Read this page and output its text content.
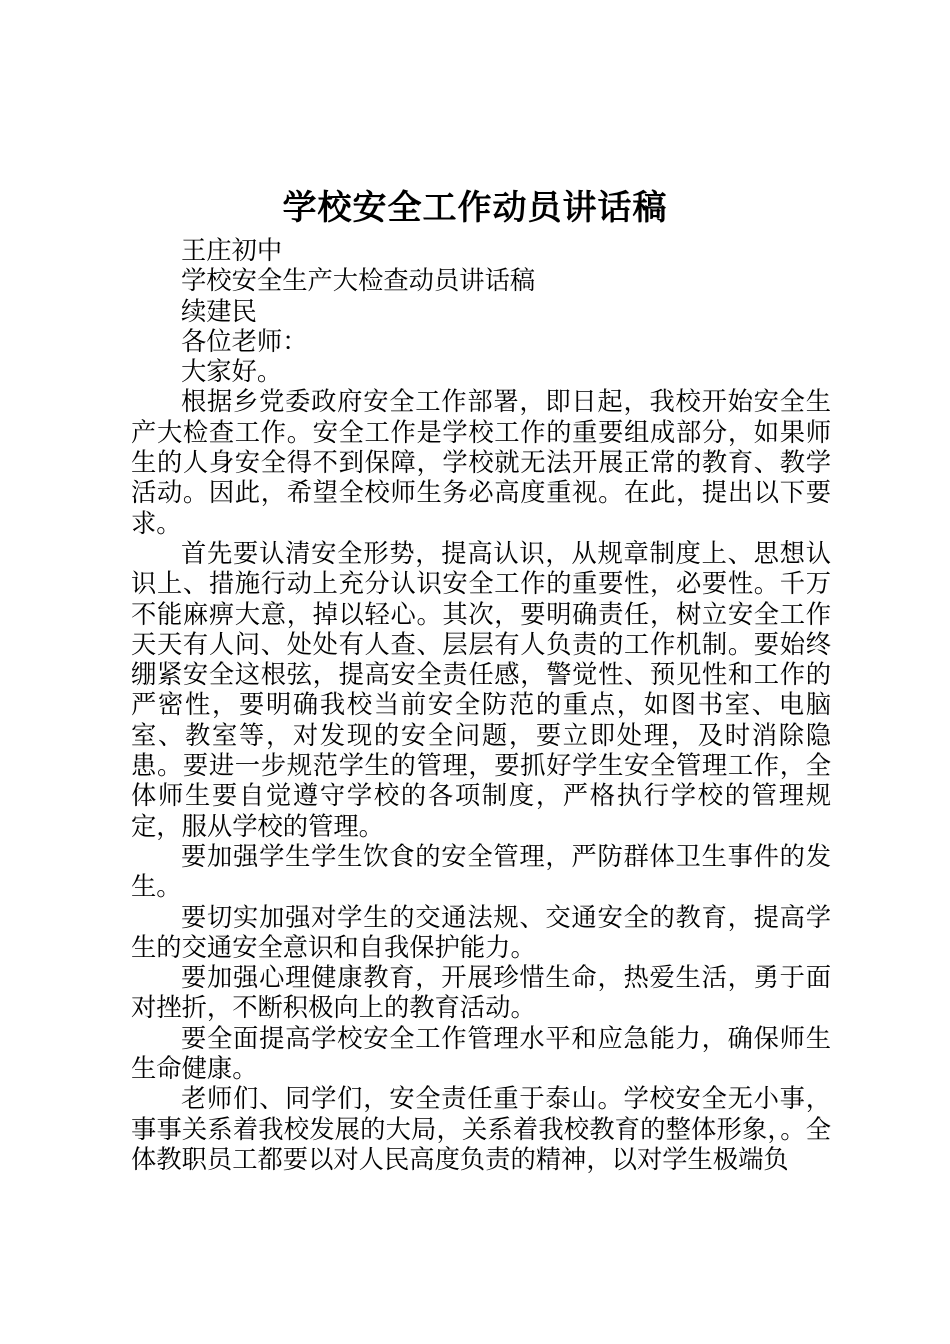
学校安全工作动员讲话稿

王庄初中

学校安全生产大检查动员讲话稿

续建民

各位老师：

大家好。

根据乡党委政府安全工作部署，即日起，我校开始安全生产大检查工作。安全工作是学校工作的重要组成部分，如果师生的人身安全得不到保障，学校就无法开展正常的教育、教学活动。因此，希望全校师生务必高度重视。在此，提出以下要求。

首先要认清安全形势，提高认识，从规章制度上、思想认识上、措施行动上充分认识安全工作的重要性，必要性。千万不能麻痹大意，掉以轻心。其次，要明确责任，树立安全工作天天有人问、处处有人查、层层有人负责的工作机制。要始终绷紧安全这根弦，提高安全责任感，警觉性、预见性和工作的严密性，要明确我校当前安全防范的重点，如图书室、电脑室、教室等，对发现的安全问题，要立即处理，及时消除隐患。要进一步规范学生的管理，要抓好学生安全管理工作，全体师生要自觉遵守学校的各项制度，严格执行学校的管理规定，服从学校的管理。

要加强学生学生饮食的安全管理，严防群体卫生事件的发生。

要切实加强对学生的交通法规、交通安全的教育，提高学生的交通安全意识和自我保护能力。

要加强心理健康教育，开展珍惜生命，热爱生活，勇于面对挫折，不断积极向上的教育活动。

要全面提高学校安全工作管理水平和应急能力，确保师生生命健康。

老师们、同学们，安全责任重于泰山。学校安全无小事，事事关系着我校发展的大局，关系着我校教育的整体形象，。全体教职员工都要以对人民高度负责的精神，以对学生极端负
